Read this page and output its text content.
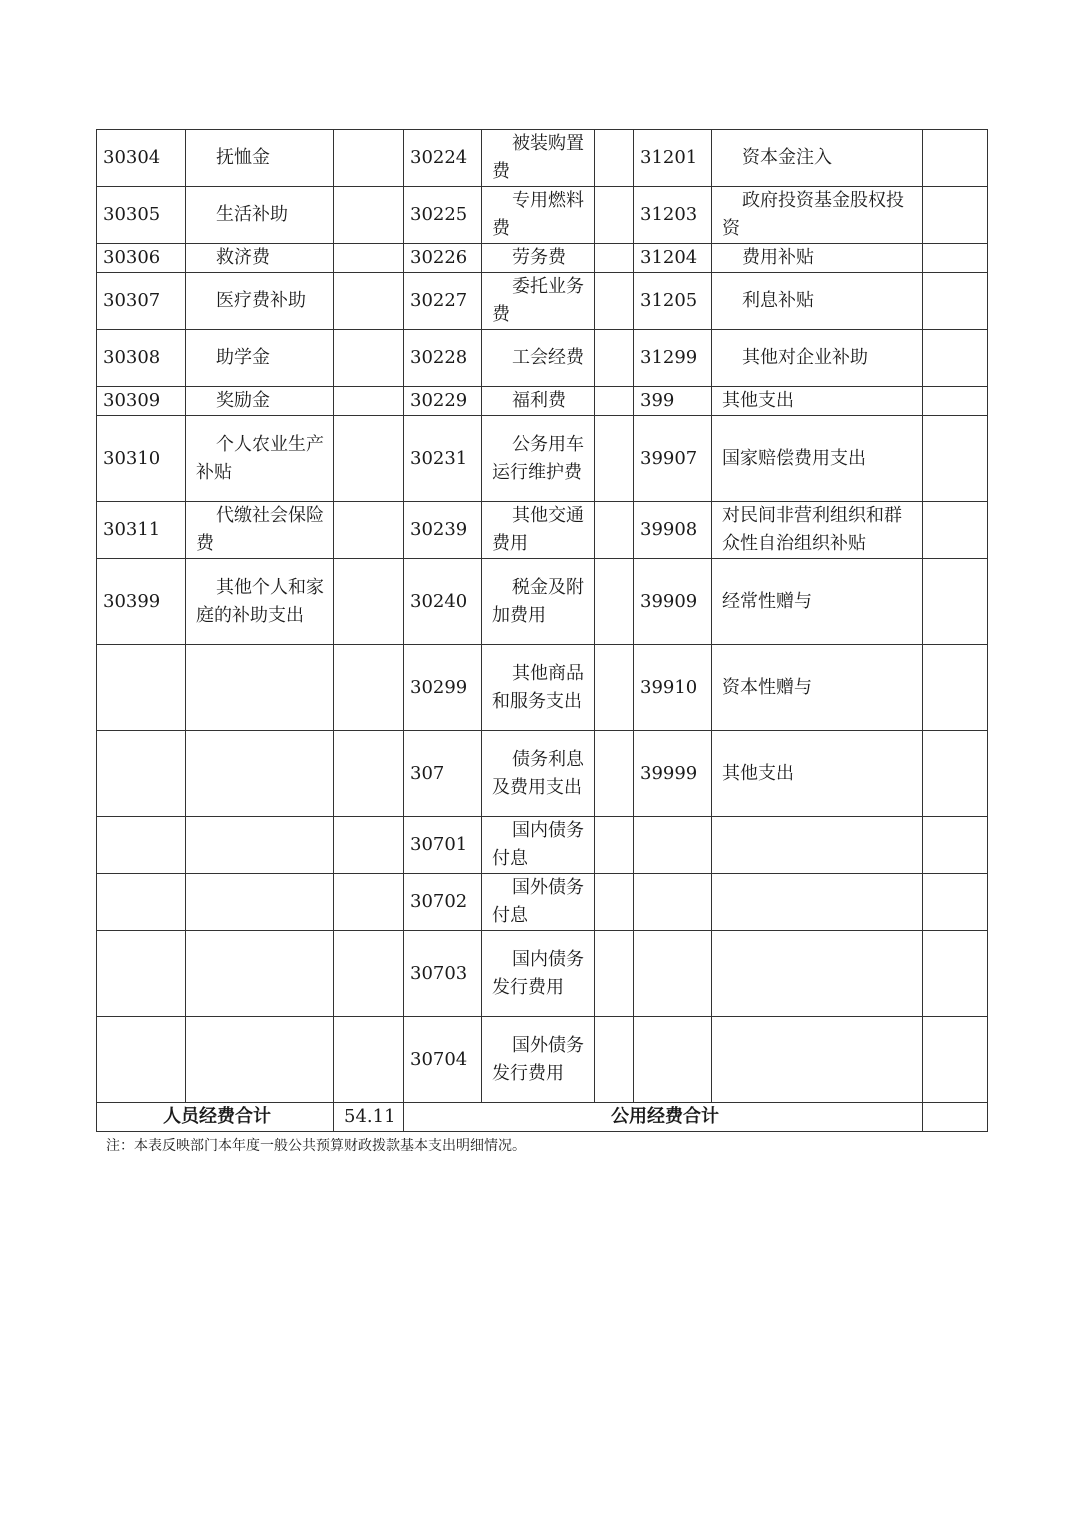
30304	抚恤金		30224	被装购置费		31201	资本金注入	
30305	生活补助		30225	专用燃料费		31203	政府投资基金股权投资	
30306	救济费		30226	劳务费		31204	费用补贴	
30307	医疗费补助		30227	委托业务费		31205	利息补贴	
30308	助学金		30228	工会经费		31299	其他对企业补助	
30309	奖励金		30229	福利费		399	其他支出	
30310	个人农业生产补贴		30231	公务用车运行维护费		39907	国家赔偿费用支出	
30311	代缴社会保险费		30239	其他交通费用		39908	对民间非营利组织和群众性自治组织补贴	
30399	其他个人和家庭的补助支出		30240	税金及附加费用		39909	经常性赠与	
			30299	其他商品和服务支出		39910	资本性赠与	
			307	债务利息及费用支出		39999	其他支出	
			30701	国内债务付息				
			30702	国外债务付息				
			30703	国内债务发行费用				
			30704	国外债务发行费用				
人员经费合计		54.11	公用经费合计					
注：本表反映部门本年度一般公共预算财政拨款基本支出明细情况。
